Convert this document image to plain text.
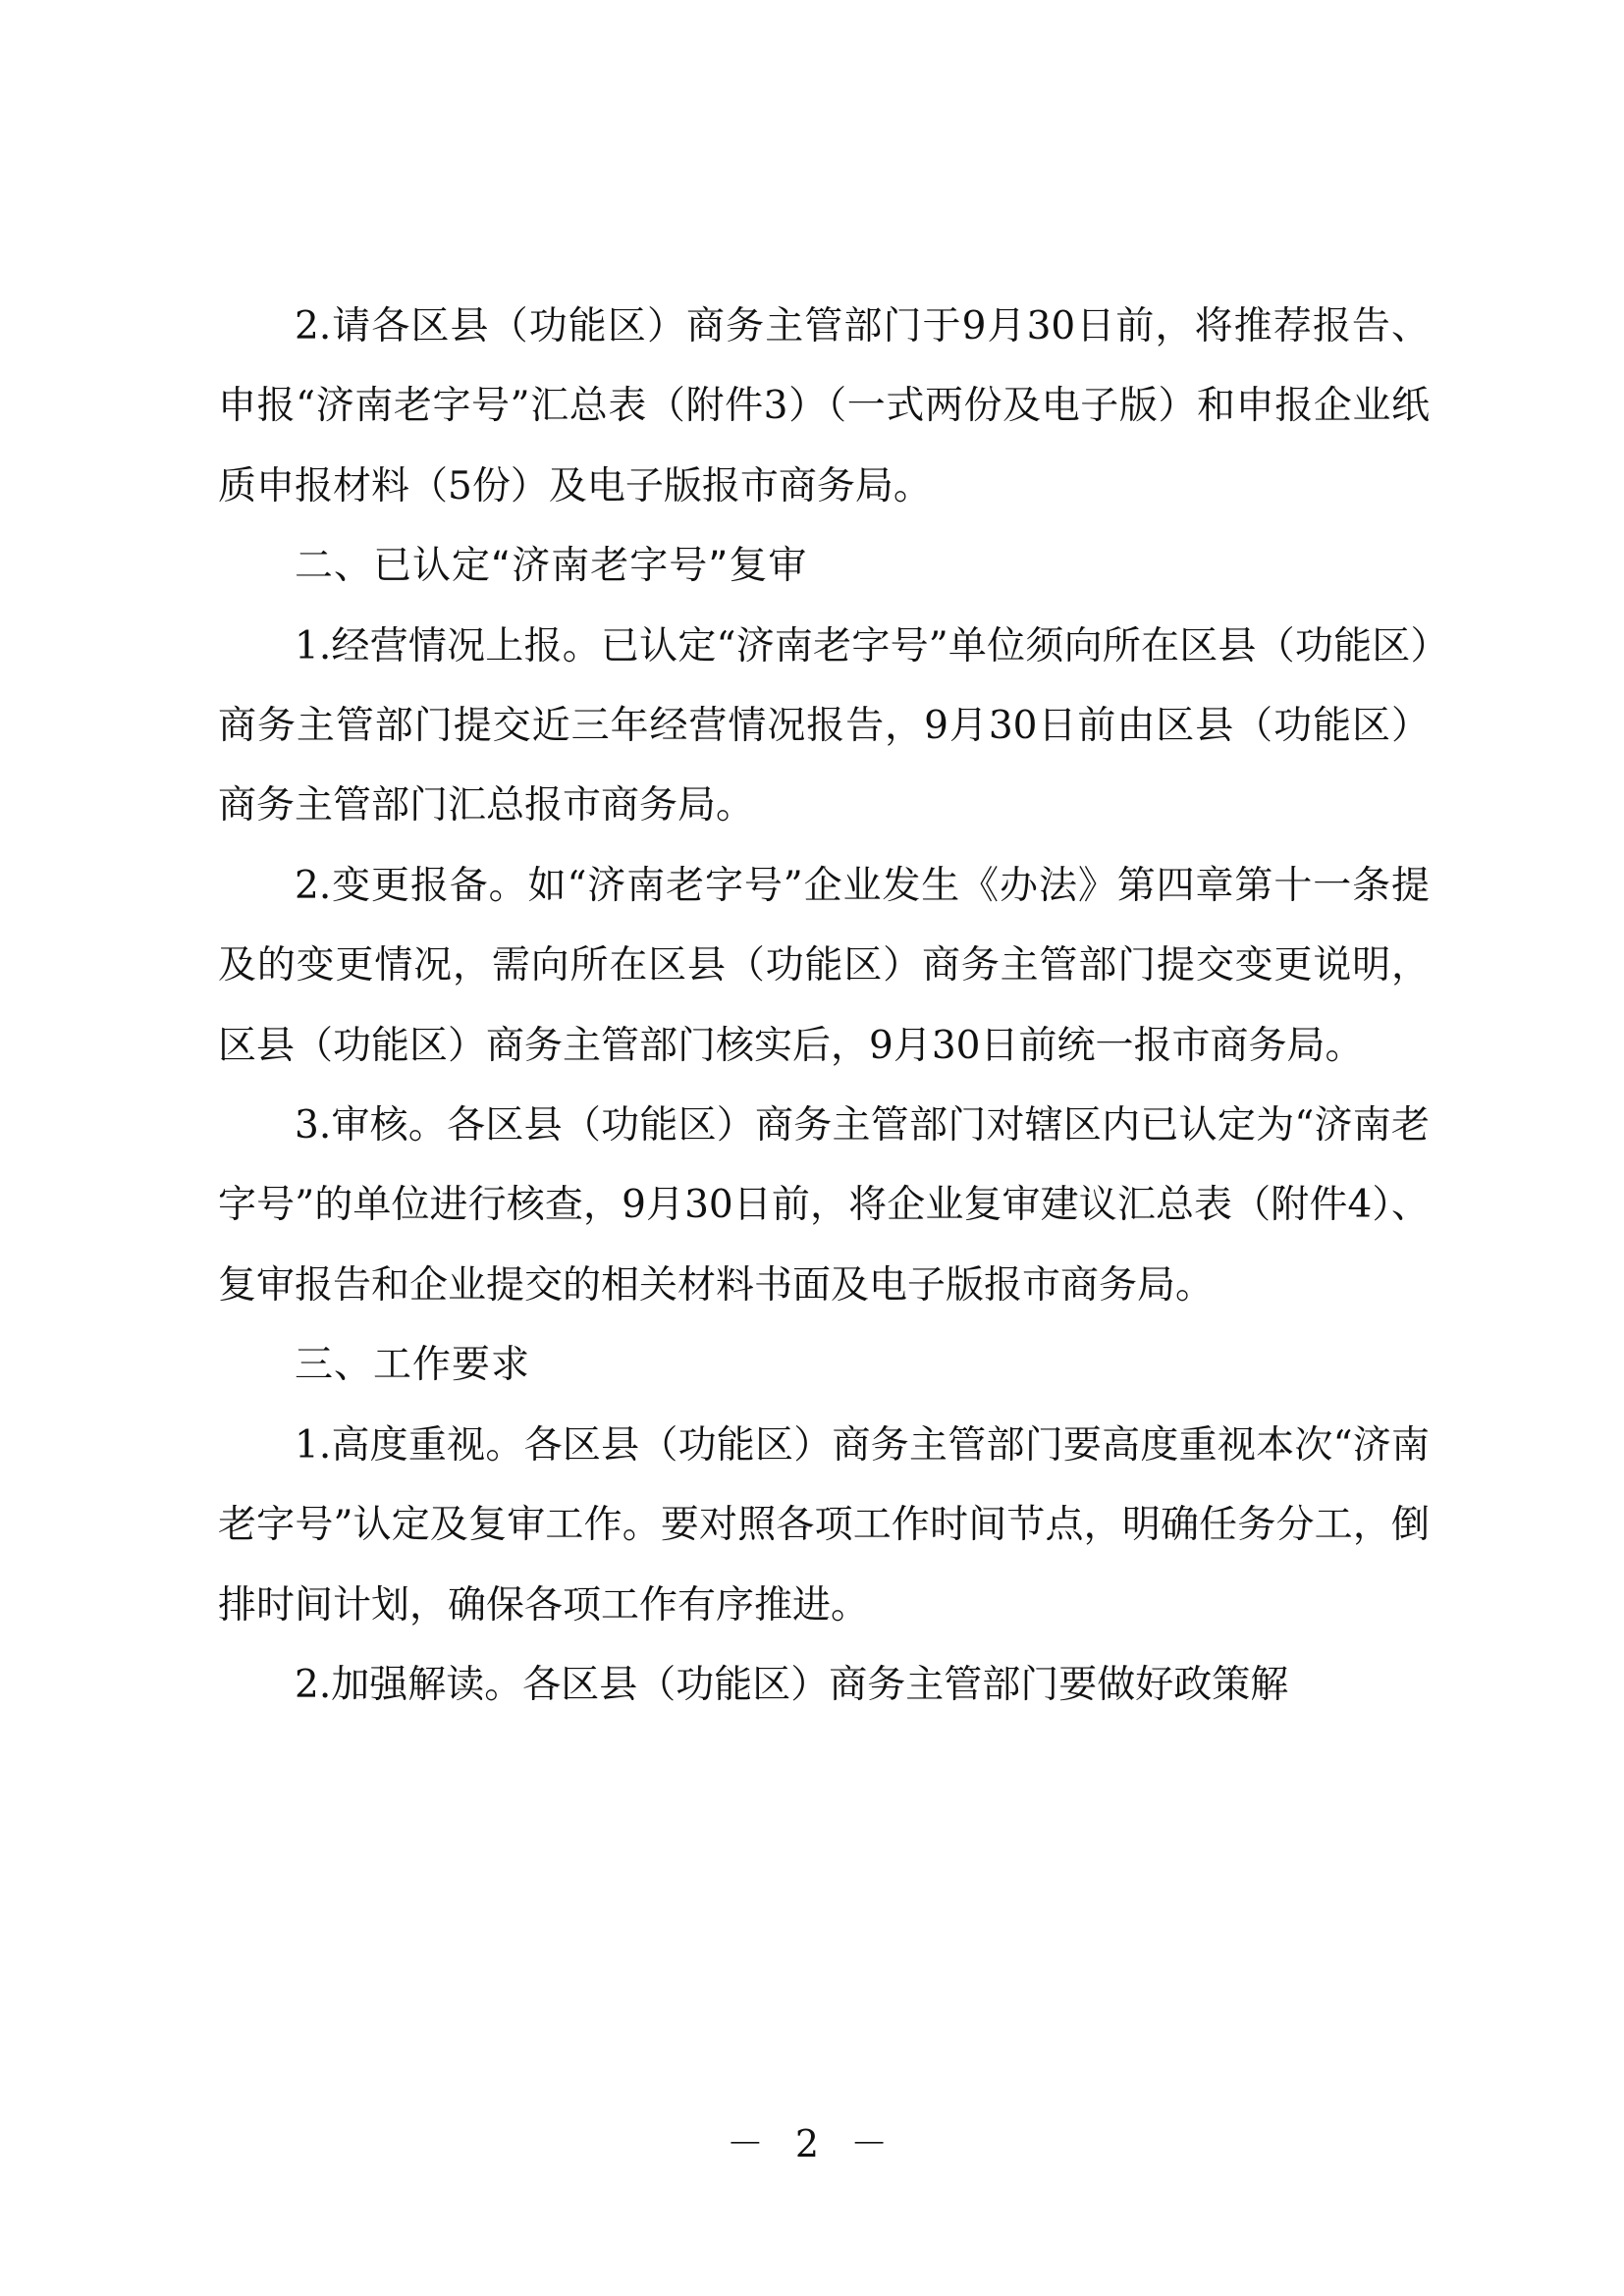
2.请各区县（功能区）商务主管部门于9月30日前，将推荐报告、申报“济南老字号”汇总表（附件3）（一式两份及电子版）和申报企业纸质申报材料（5份）及电子版报市商务局。

二、已认定“济南老字号”复审

1.经营情况上报。已认定“济南老字号”单位须向所在区县（功能区）商务主管部门提交近三年经营情况报告，9月30日前由区县（功能区）商务主管部门汇总报市商务局。

2.变更报备。如“济南老字号”企业发生《办法》第四章第十一条提及的变更情况，需向所在区县（功能区）商务主管部门提交变更说明，区县（功能区）商务主管部门核实后，9月30日前统一报市商务局。

3.审核。各区县（功能区）商务主管部门对辖区内已认定为“济南老字号”的单位进行核查，9月30日前，将企业复审建议汇总表（附件4）、复审报告和企业提交的相关材料书面及电子版报市商务局。

三、工作要求

1.高度重视。各区县（功能区）商务主管部门要高度重视本次“济南老字号”认定及复审工作。要对照各项工作时间节点，明确任务分工，倒排时间计划，确保各项工作有序推进。

2.加强解读。各区县（功能区）商务主管部门要做好政策解

－ 2 －
